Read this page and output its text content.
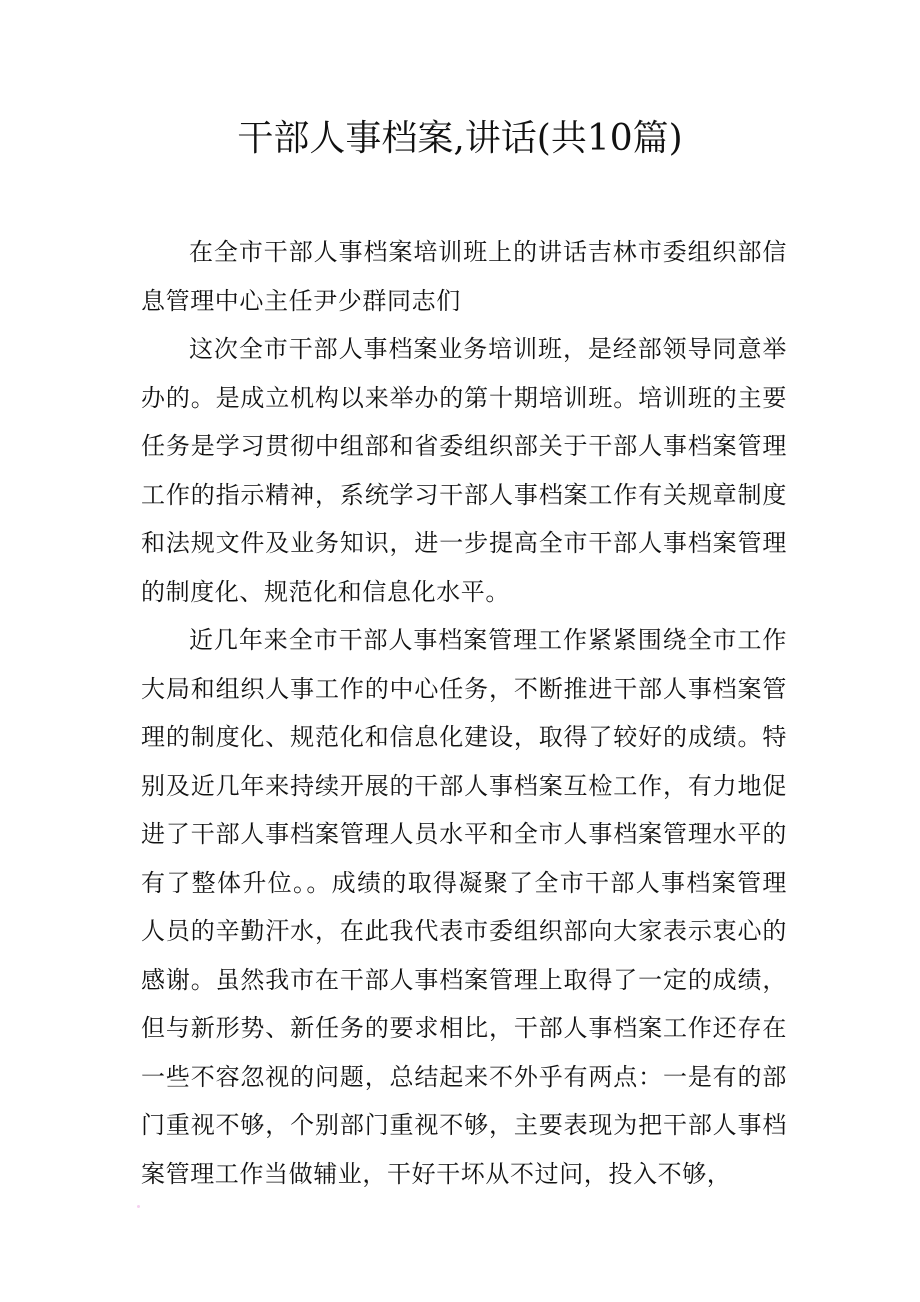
干部人事档案,讲话(共10篇)

在全市干部人事档案培训班上的讲话吉林市委组织部信息管理中心主任尹少群同志们

这次全市干部人事档案业务培训班，是经部领导同意举办的。是成立机构以来举办的第十期培训班。培训班的主要任务是学习贯彻中组部和省委组织部关于干部人事档案管理工作的指示精神，系统学习干部人事档案工作有关规章制度和法规文件及业务知识，进一步提高全市干部人事档案管理的制度化、规范化和信息化水平。

近几年来全市干部人事档案管理工作紧紧围绕全市工作大局和组织人事工作的中心任务，不断推进干部人事档案管理的制度化、规范化和信息化建设，取得了较好的成绩。特别及近几年来持续开展的干部人事档案互检工作，有力地促进了干部人事档案管理人员水平和全市人事档案管理水平的有了整体升位。。成绩的取得凝聚了全市干部人事档案管理人员的辛勤汗水，在此我代表市委组织部向大家表示衷心的感谢。虽然我市在干部人事档案管理上取得了一定的成绩，但与新形势、新任务的要求相比，干部人事档案工作还存在一些不容忽视的问题，总结起来不外乎有两点：一是有的部门重视不够，个别部门重视不够，主要表现为把干部人事档案管理工作当做辅业，干好干坏从不过问，投入不够，
